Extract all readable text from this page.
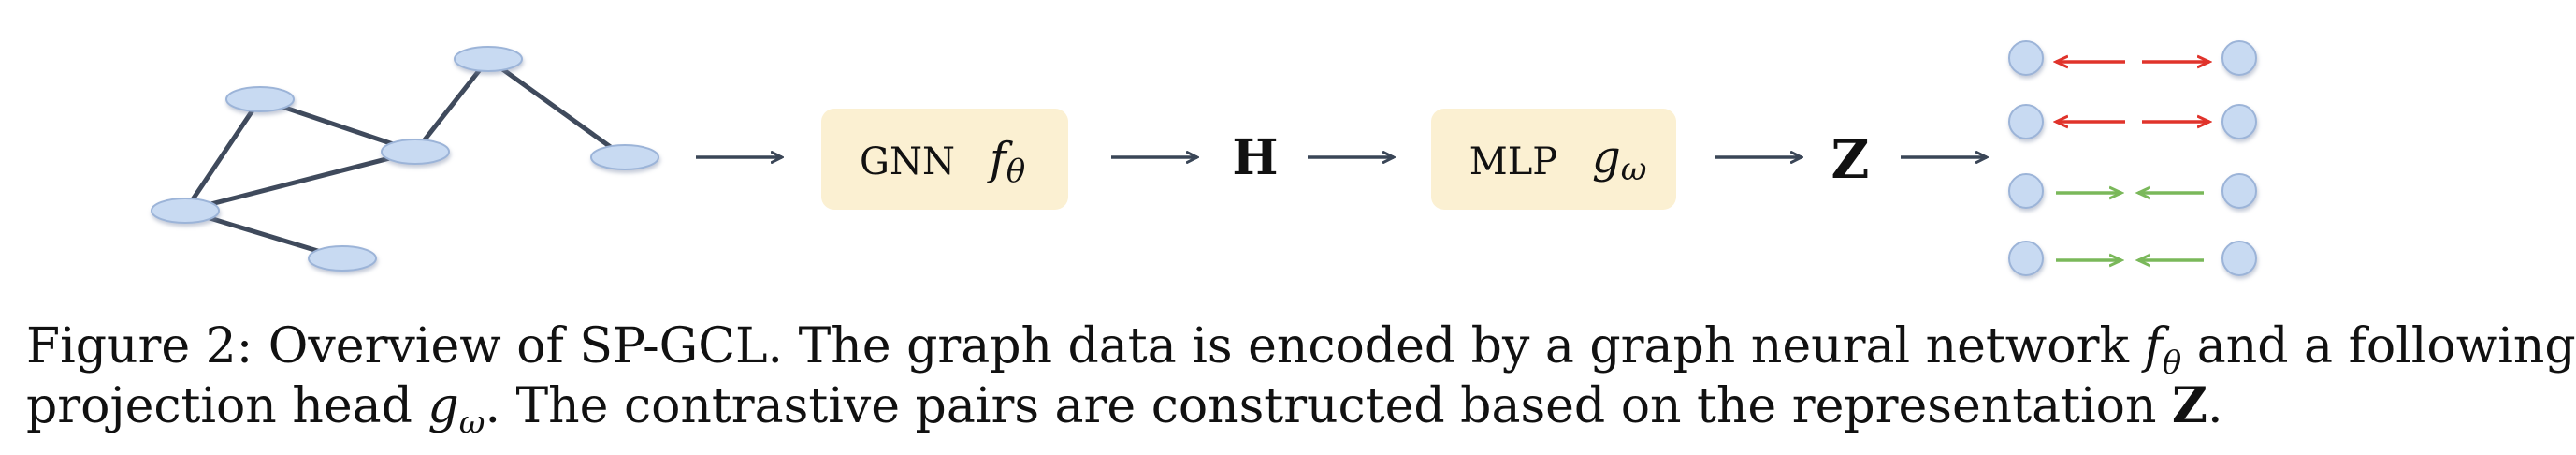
GNN fθ	H	MLP gω	Z
Figure 2: Overview of SP-GCL. The graph data is encoded by a graph neural network $f_\theta$ and a following
projection head $g_\omega$. The contrastive pairs are constructed based on the representation Z.
